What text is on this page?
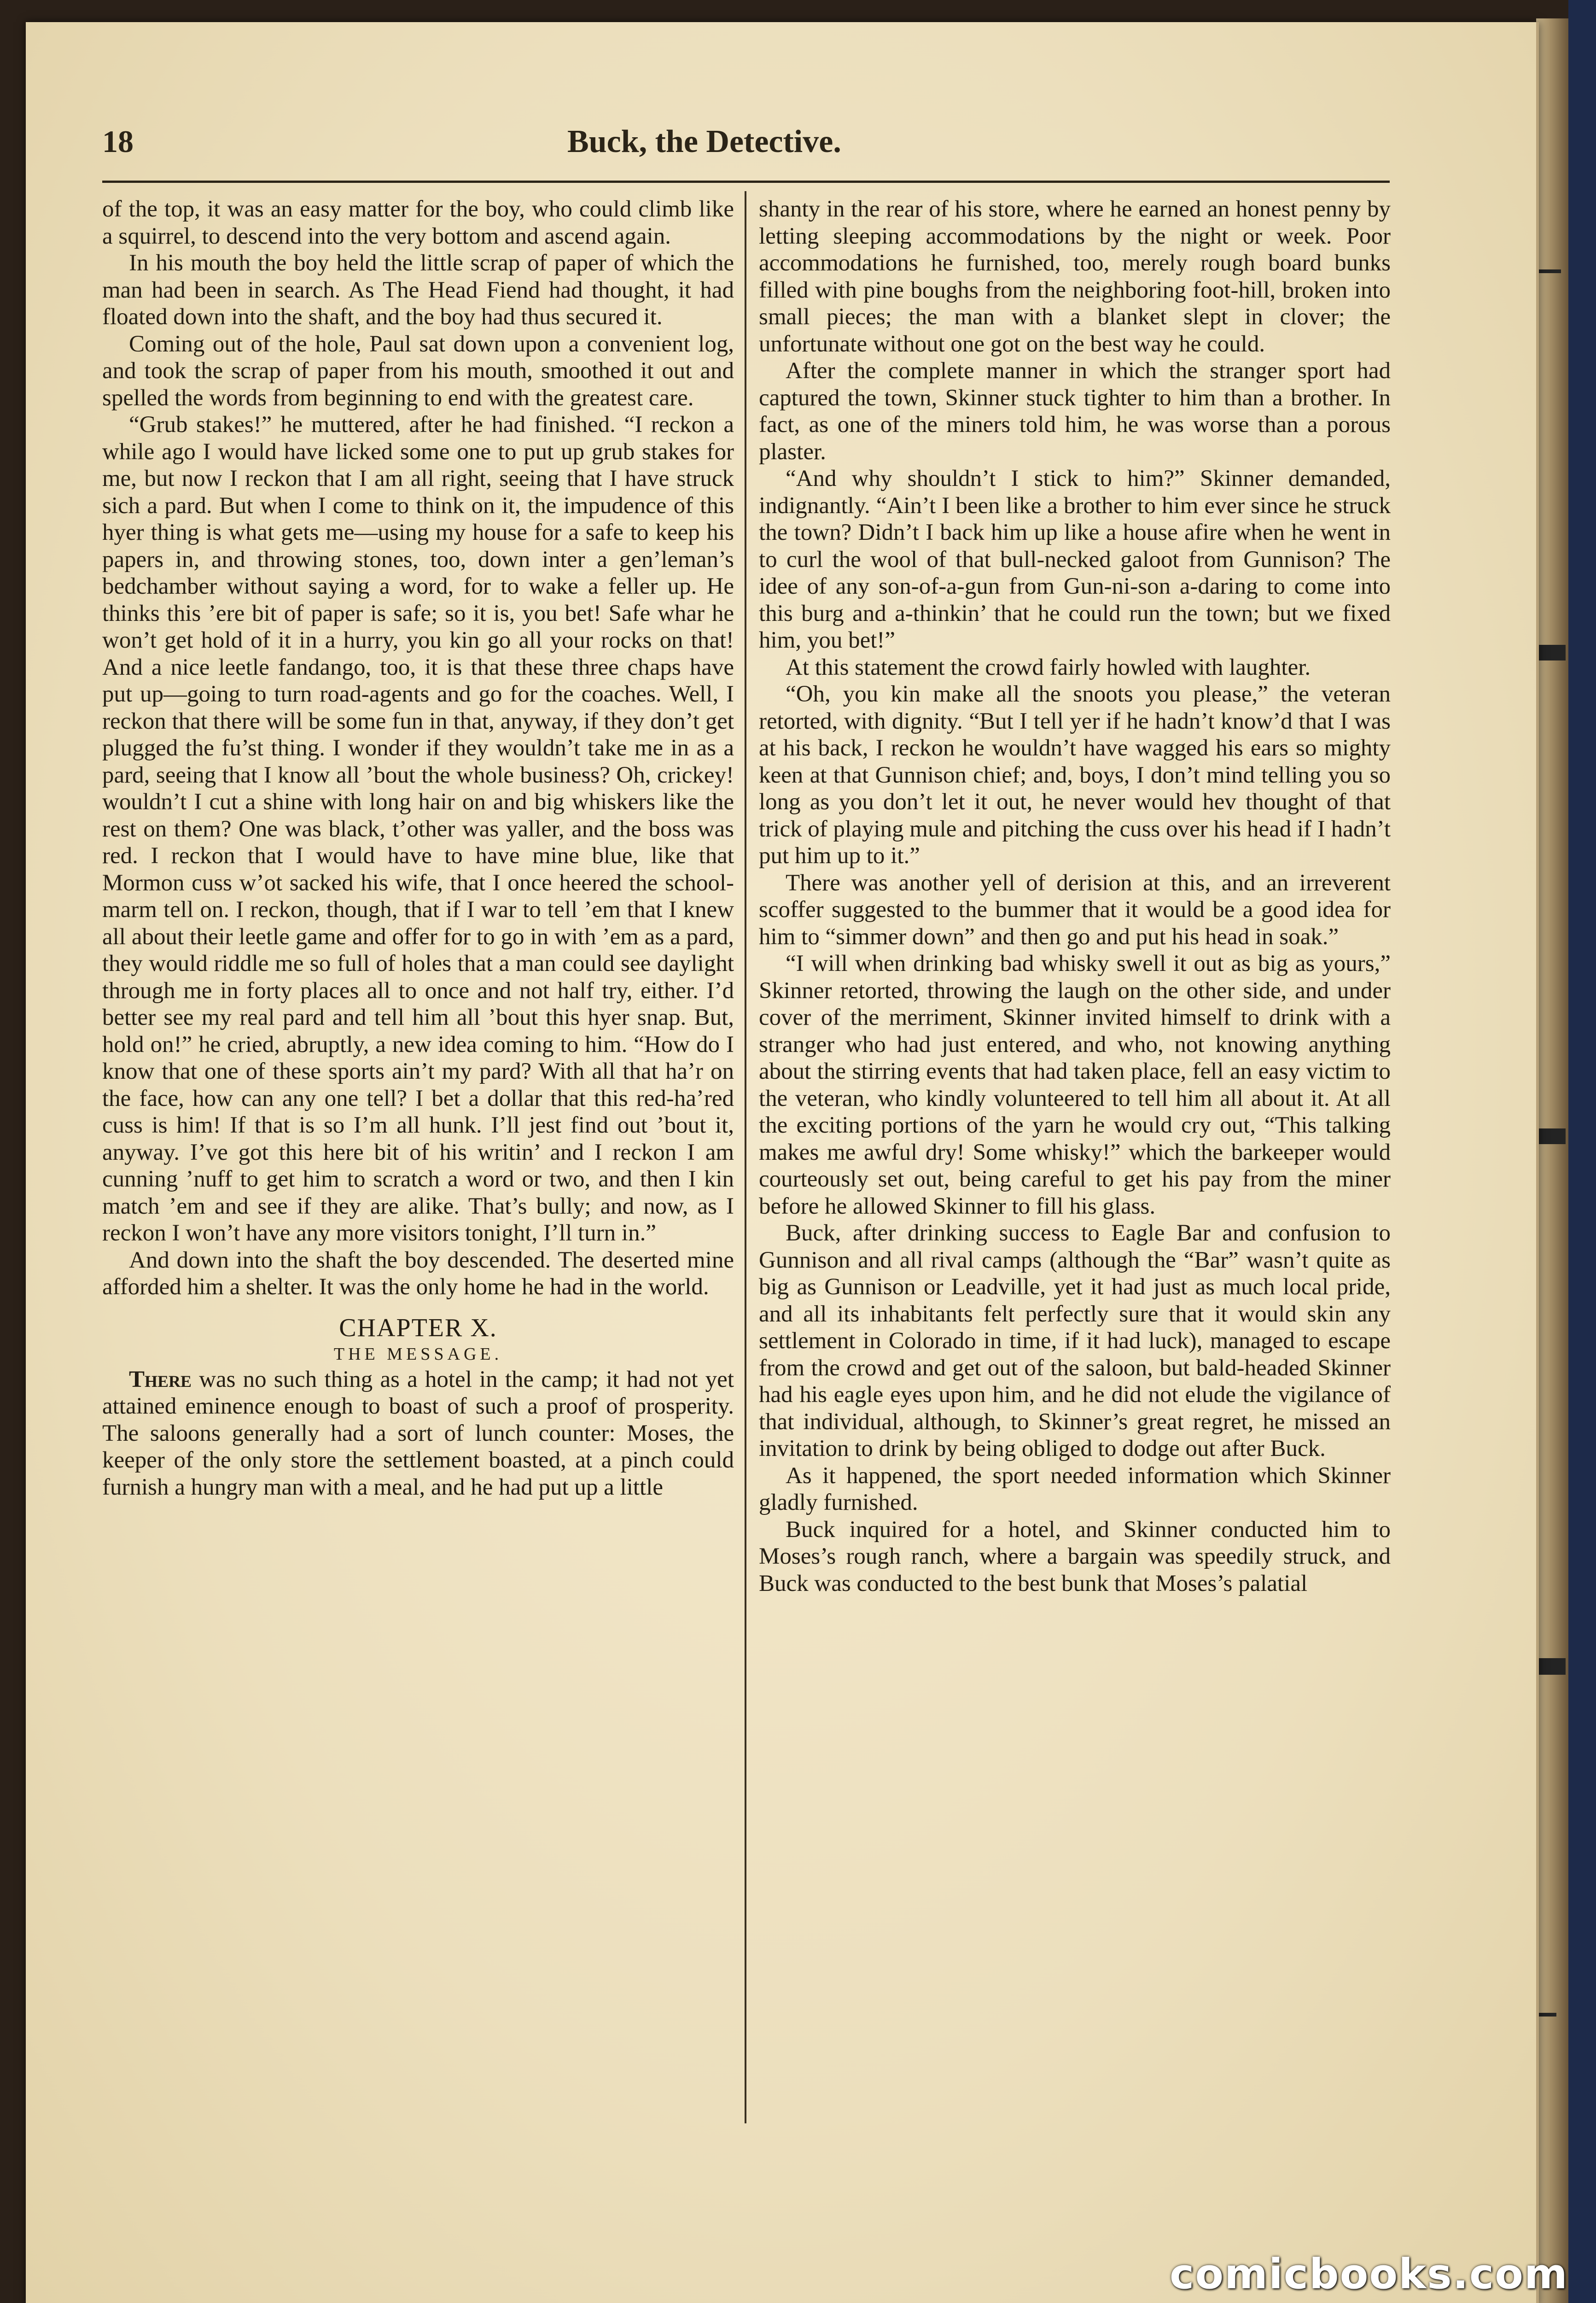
18	Buck, the Detective.

of the top, it was an easy matter for the boy, who could climb like a squirrel, to descend into the very bottom and ascend again.

In his mouth the boy held the little scrap of paper of which the man had been in search. As The Head Fiend had thought, it had floated down into the shaft, and the boy had thus secured it.

Coming out of the hole, Paul sat down upon a convenient log, and took the scrap of paper from his mouth, smoothed it out and spelled the words from beginning to end with the greatest care.

“Grub stakes!” he muttered, after he had finished. “I reckon a while ago I would have licked some one to put up grub stakes for me, but now I reckon that I am all right, seeing that I have struck sich a pard. But when I come to think on it, the impudence of this hyer thing is what gets me—using my house for a safe to keep his papers in, and throwing stones, too, down inter a gen’leman’s bedchamber without saying a word, for to wake a feller up. He thinks this ’ere bit of paper is safe; so it is, you bet! Safe whar he won’t get hold of it in a hurry, you kin go all your rocks on that! And a nice leetle fandango, too, it is that these three chaps have put up—going to turn road-agents and go for the coaches. Well, I reckon that there will be some fun in that, anyway, if they don’t get plugged the fu’st thing. I wonder if they wouldn’t take me in as a pard, seeing that I know all ’bout the whole business? Oh, crickey! wouldn’t I cut a shine with long hair on and big whiskers like the rest on them? One was black, t’other was yaller, and the boss was red. I reckon that I would have to have mine blue, like that Mormon cuss w’ot sacked his wife, that I once heered the school-marm tell on. I reckon, though, that if I war to tell ’em that I knew all about their leetle game and offer for to go in with ’em as a pard, they would riddle me so full of holes that a man could see daylight through me in forty places all to once and not half try, either. I’d better see my real pard and tell him all ’bout this hyer snap. But, hold on!” he cried, abruptly, a new idea coming to him. “How do I know that one of these sports ain’t my pard? With all that ha’r on the face, how can any one tell? I bet a dollar that this red-ha’red cuss is him! If that is so I’m all hunk. I’ll jest find out ’bout it, anyway. I’ve got this here bit of his writin’ and I reckon I am cunning ’nuff to get him to scratch a word or two, and then I kin match ’em and see if they are alike. That’s bully; and now, as I reckon I won’t have any more visitors tonight, I’ll turn in.”

And down into the shaft the boy descended. The deserted mine afforded him a shelter. It was the only home he had in the world.

CHAPTER X.
THE MESSAGE.

There was no such thing as a hotel in the camp; it had not yet attained eminence enough to boast of such a proof of prosperity. The saloons generally had a sort of lunch counter: Moses, the keeper of the only store the settlement boasted, at a pinch could furnish a hungry man with a meal, and he had put up a little

shanty in the rear of his store, where he earned an honest penny by letting sleeping accommodations by the night or week. Poor accommodations he furnished, too, merely rough board bunks filled with pine boughs from the neighboring foot-hill, broken into small pieces; the man with a blanket slept in clover; the unfortunate without one got on the best way he could.

After the complete manner in which the stranger sport had captured the town, Skinner stuck tighter to him than a brother. In fact, as one of the miners told him, he was worse than a porous plaster.

“And why shouldn’t I stick to him?” Skinner demanded, indignantly. “Ain’t I been like a brother to him ever since he struck the town? Didn’t I back him up like a house afire when he went in to curl the wool of that bull-necked galoot from Gunnison? The idee of any son-of-a-gun from Gun-ni-son a-daring to come into this burg and a-thinkin’ that he could run the town; but we fixed him, you bet!”

At this statement the crowd fairly howled with laughter.

“Oh, you kin make all the snoots you please,” the veteran retorted, with dignity. “But I tell yer if he hadn’t know’d that I was at his back, I reckon he wouldn’t have wagged his ears so mighty keen at that Gunnison chief; and, boys, I don’t mind telling you so long as you don’t let it out, he never would hev thought of that trick of playing mule and pitching the cuss over his head if I hadn’t put him up to it.”

There was another yell of derision at this, and an irreverent scoffer suggested to the bummer that it would be a good idea for him to “simmer down” and then go and put his head in soak.”

“I will when drinking bad whisky swell it out as big as yours,” Skinner retorted, throwing the laugh on the other side, and under cover of the merriment, Skinner invited himself to drink with a stranger who had just entered, and who, not knowing anything about the stirring events that had taken place, fell an easy victim to the veteran, who kindly volunteered to tell him all about it. At all the exciting portions of the yarn he would cry out, “This talking makes me awful dry! Some whisky!” which the barkeeper would courteously set out, being careful to get his pay from the miner before he allowed Skinner to fill his glass.

Buck, after drinking success to Eagle Bar and confusion to Gunnison and all rival camps (although the “Bar” wasn’t quite as big as Gunnison or Leadville, yet it had just as much local pride, and all its inhabitants felt perfectly sure that it would skin any settlement in Colorado in time, if it had luck), managed to escape from the crowd and get out of the saloon, but bald-headed Skinner had his eagle eyes upon him, and he did not elude the vigilance of that individual, although, to Skinner’s great regret, he missed an invitation to drink by being obliged to dodge out after Buck.

As it happened, the sport needed information which Skinner gladly furnished.

Buck inquired for a hotel, and Skinner conducted him to Moses’s rough ranch, where a bargain was speedily struck, and Buck was conducted to the best bunk that Moses’s palatial

comicbooks.com
